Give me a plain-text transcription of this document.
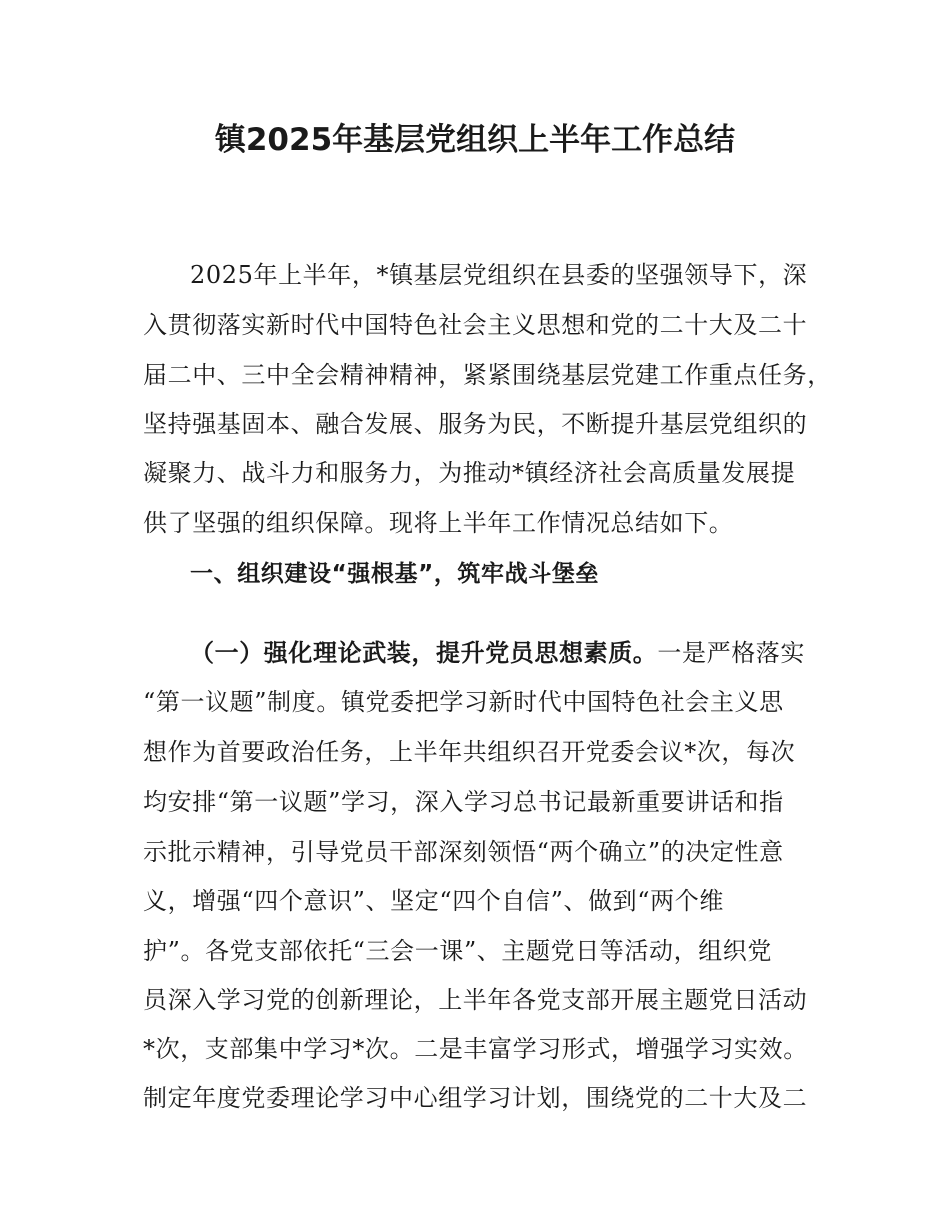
镇2025年基层党组织上半年工作总结
2025年上半年，*镇基层党组织在县委的坚强领导下，深
入贯彻落实新时代中国特色社会主义思想和党的二十大及二十
届二中、三中全会精神精神，紧紧围绕基层党建工作重点任务，
坚持强基固本、融合发展、服务为民，不断提升基层党组织的
凝聚力、战斗力和服务力，为推动*镇经济社会高质量发展提
供了坚强的组织保障。现将上半年工作情况总结如下。
一、组织建设“强根基”，筑牢战斗堡垒
（一）强化理论武装，提升党员思想素质。一是严格落实
“第一议题”制度。镇党委把学习新时代中国特色社会主义思
想作为首要政治任务，上半年共组织召开党委会议*次，每次
均安排“第一议题”学习，深入学习总书记最新重要讲话和指
示批示精神，引导党员干部深刻领悟“两个确立”的决定性意
义，增强“四个意识”、坚定“四个自信”、做到“两个维
护”。各党支部依托“三会一课”、主题党日等活动，组织党
员深入学习党的创新理论，上半年各党支部开展主题党日活动
*次，支部集中学习*次。二是丰富学习形式，增强学习实效。
制定年度党委理论学习中心组学习计划，围绕党的二十大及二
